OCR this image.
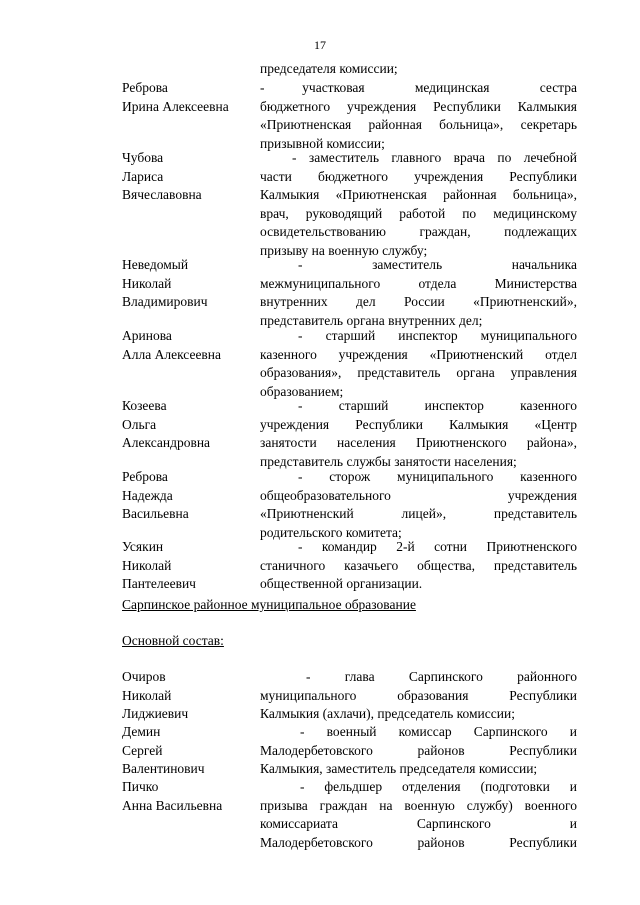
17
председателя комиссии;
Реброва
Ирина Алексеевна
-   участковая    медицинская    сестра
бюджетного учреждения Республики Калмыкия
«Приютненская районная больница», секретарь
призывной комиссии;
Чубова
Лариса
Вячеславовна
- заместитель главного врача по лечебной
части бюджетного учреждения Республики
Калмыкия «Приютненская районная больница»,
врач, руководящий работой по медицинскому
освидетельствованию граждан, подлежащих
призыву на военную службу;
Неведомый
Николай
Владимирович
-      заместитель      начальника
межмуниципального отдела Министерства
внутренних дел России «Приютненский»,
представитель органа внутренних дел;
Аринова
Алла Алексеевна
- старший инспектор муниципального
казенного учреждения «Приютненский отдел
образования», представитель органа управления
образованием;
Козеева
Ольга
Александровна
-   старший   инспектор   казенного
учреждения Республики Калмыкия «Центр
занятости населения Приютненского района»,
представитель службы занятости населения;
Реброва
Надежда
Васильевна
- сторож муниципального казенного
общеобразовательного        учреждения
«Приютненский лицей», представитель
родительского комитета;
Усякин
Николай
Пантелеевич
- командир 2-й сотни Приютненского
станичного казачьего общества, представитель
общественной организации.
Сарпинское районное муниципальное образование
Основной состав:
Очиров
Николай
Лиджиевич
-   глава   Сарпинского   районного
муниципального образования Республики
Калмыкия (ахлачи), председатель комиссии;
Демин
Сергей
Валентинович
- военный комиссар Сарпинского и
Малодербетовского районов Республики
Калмыкия, заместитель председателя комиссии;
Пичко
Анна Васильевна
- фельдшер отделения (подготовки и
призыва граждан на военную службу) военного
комиссариата      Сарпинского      и
Малодербетовского районов Республики
